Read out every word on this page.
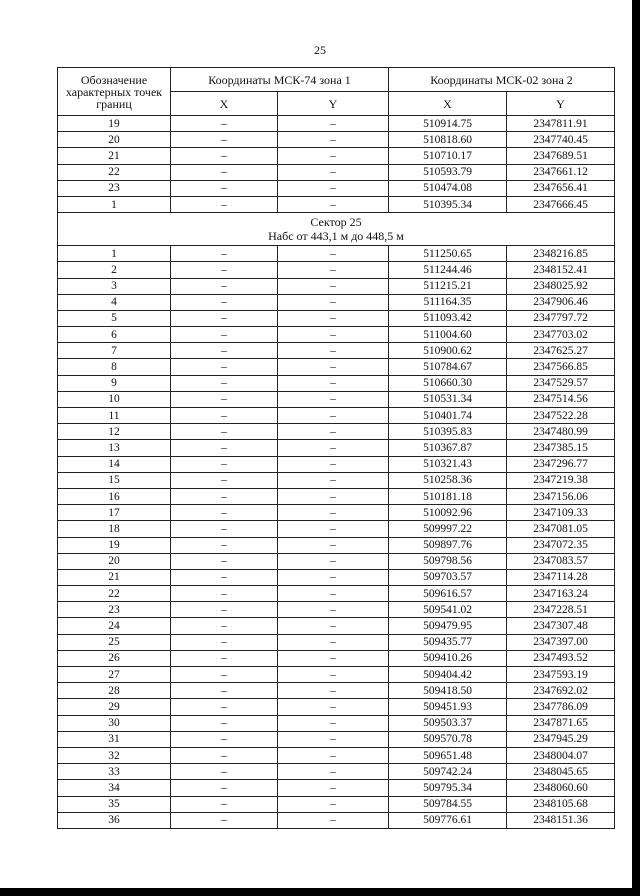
25
Обозначение характерных точек границ	Координаты МСК-74 зона 1		Координаты МСК-02 зона 2	
	X	Y	X	Y
19	–	–	510914.75	2347811.91
20	–	–	510818.60	2347740.45
21	–	–	510710.17	2347689.51
22	–	–	510593.79	2347661.12
23	–	–	510474.08	2347656.41
1	–	–	510395.34	2347666.45

Сектор 25
Набс от 443,1 м до 448,5 м				

1	–	–	511250.65	2348216.85
2	–	–	511244.46	2348152.41
3	–	–	511215.21	2348025.92
4	–	–	511164.35	2347906.46
5	–	–	511093.42	2347797.72
6	–	–	511004.60	2347703.02
7	–	–	510900.62	2347625.27
8	–	–	510784.67	2347566.85
9	–	–	510660.30	2347529.57
10	–	–	510531.34	2347514.56
11	–	–	510401.74	2347522.28
12	–	–	510395.83	2347480.99
13	–	–	510367.87	2347385.15
14	–	–	510321.43	2347296.77
15	–	–	510258.36	2347219.38
16	–	–	510181.18	2347156.06
17	–	–	510092.96	2347109.33
18	–	–	509997.22	2347081.05
19	–	–	509897.76	2347072.35
20	–	–	509798.56	2347083.57
21	–	–	509703.57	2347114.28
22	–	–	509616.57	2347163.24
23	–	–	509541.02	2347228.51
24	–	–	509479.95	2347307.48
25	–	–	509435.77	2347397.00
26	–	–	509410.26	2347493.52
27	–	–	509404.42	2347593.19
28	–	–	509418.50	2347692.02
29	–	–	509451.93	2347786.09
30	–	–	509503.37	2347871.65
31	–	–	509570.78	2347945.29
32	–	–	509651.48	2348004.07
33	–	–	509742.24	2348045.65
34	–	–	509795.34	2348060.60
35	–	–	509784.55	2348105.68
36	–	–	509776.61	2348151.36
